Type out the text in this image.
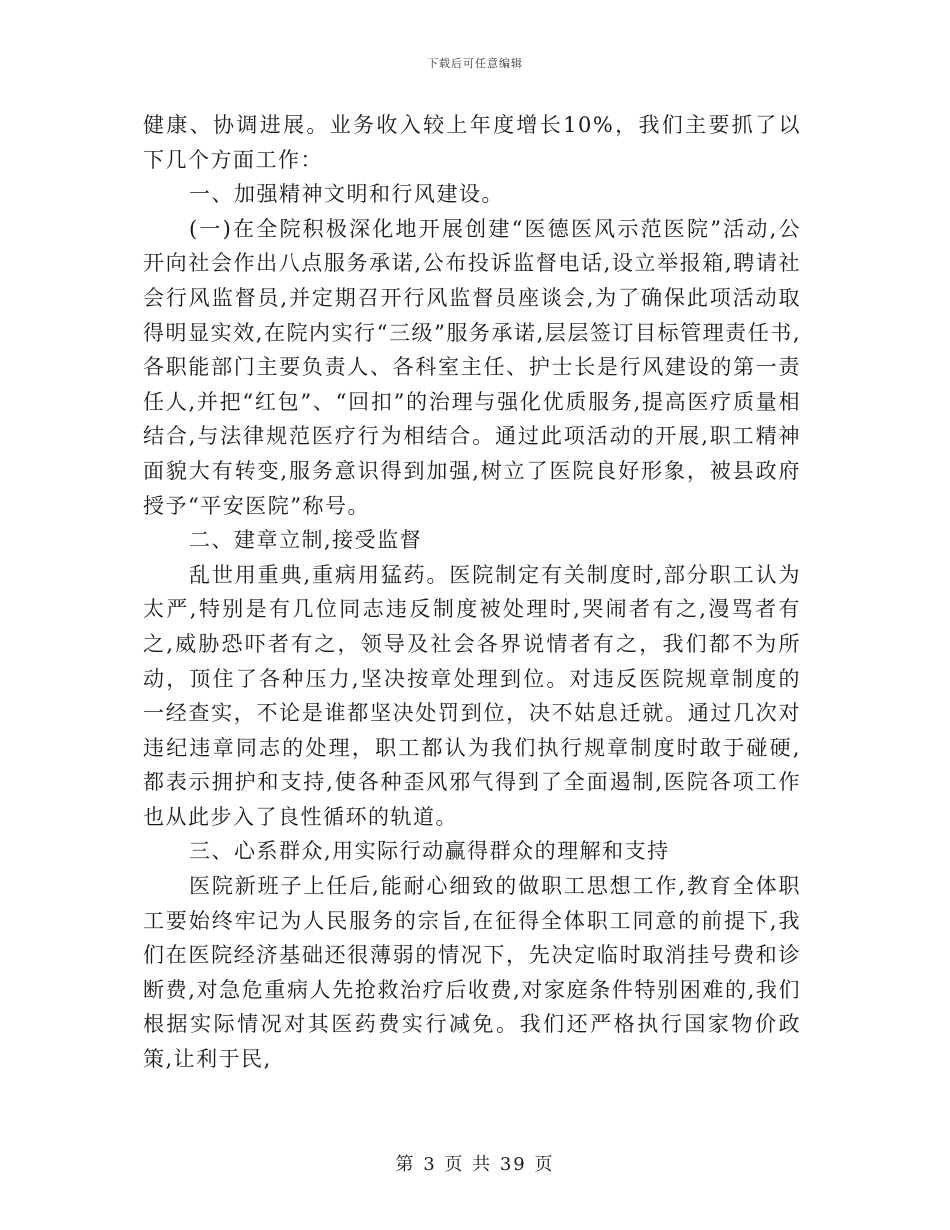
下载后可任意编辑

健康、协调进展。业务收入较上年度增长10%，我们主要抓了以下几个方面工作：

一、加强精神文明和行风建设。

(一)在全院积极深化地开展创建“医德医风示范医院”活动,公开向社会作出八点服务承诺,公布投诉监督电话,设立举报箱,聘请社会行风监督员,并定期召开行风监督员座谈会,为了确保此项活动取得明显实效,在院内实行“三级”服务承诺,层层签订目标管理责任书,各职能部门主要负责人、各科室主任、护士长是行风建设的第一责任人,并把“红包”、“回扣”的治理与强化优质服务,提高医疗质量相结合,与法律规范医疗行为相结合。通过此项活动的开展,职工精神面貌大有转变,服务意识得到加强,树立了医院良好形象，被县政府授予“平安医院”称号。

二、建章立制,接受监督

乱世用重典,重病用猛药。医院制定有关制度时,部分职工认为太严,特别是有几位同志违反制度被处理时,哭闹者有之,漫骂者有之,威胁恐吓者有之，领导及社会各界说情者有之，我们都不为所动，顶住了各种压力,坚决按章处理到位。对违反医院规章制度的一经查实，不论是谁都坚决处罚到位，决不姑息迁就。通过几次对违纪违章同志的处理，职工都认为我们执行规章制度时敢于碰硬,都表示拥护和支持,使各种歪风邪气得到了全面遏制,医院各项工作也从此步入了良性循环的轨道。

三、心系群众,用实际行动赢得群众的理解和支持

医院新班子上任后,能耐心细致的做职工思想工作,教育全体职工要始终牢记为人民服务的宗旨,在征得全体职工同意的前提下,我们在医院经济基础还很薄弱的情况下，先决定临时取消挂号费和诊断费,对急危重病人先抢救治疗后收费,对家庭条件特别困难的,我们根据实际情况对其医药费实行减免。我们还严格执行国家物价政策,让利于民,

第 3 页 共 39 页
